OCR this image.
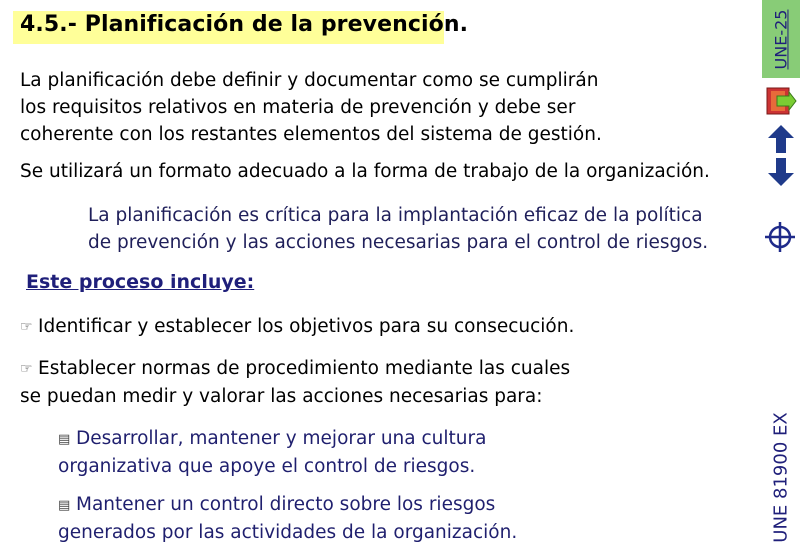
4.5.- Planificación de la prevención.
La planificación debe definir y documentar como se cumplirán
los requisitos relativos en materia de prevención y debe ser
coherente con los restantes elementos del sistema de gestión.
Se utilizará un formato adecuado a la forma de trabajo de la organización.
La planificación es crítica para la implantación eficaz de la política
de prevención y las acciones necesarias para el control de riesgos.
Este proceso incluye:
☞ Identificar y establecer los objetivos para su consecución.
☞ Establecer normas de procedimiento mediante las cuales
se puedan medir y valorar las acciones necesarias para:
▤ Desarrollar, mantener y mejorar una cultura
organizativa que apoye el control de riesgos.
▤ Mantener un control directo sobre los riesgos
generados por las actividades de la organización.
UNE-25
UNE 81900 EX
